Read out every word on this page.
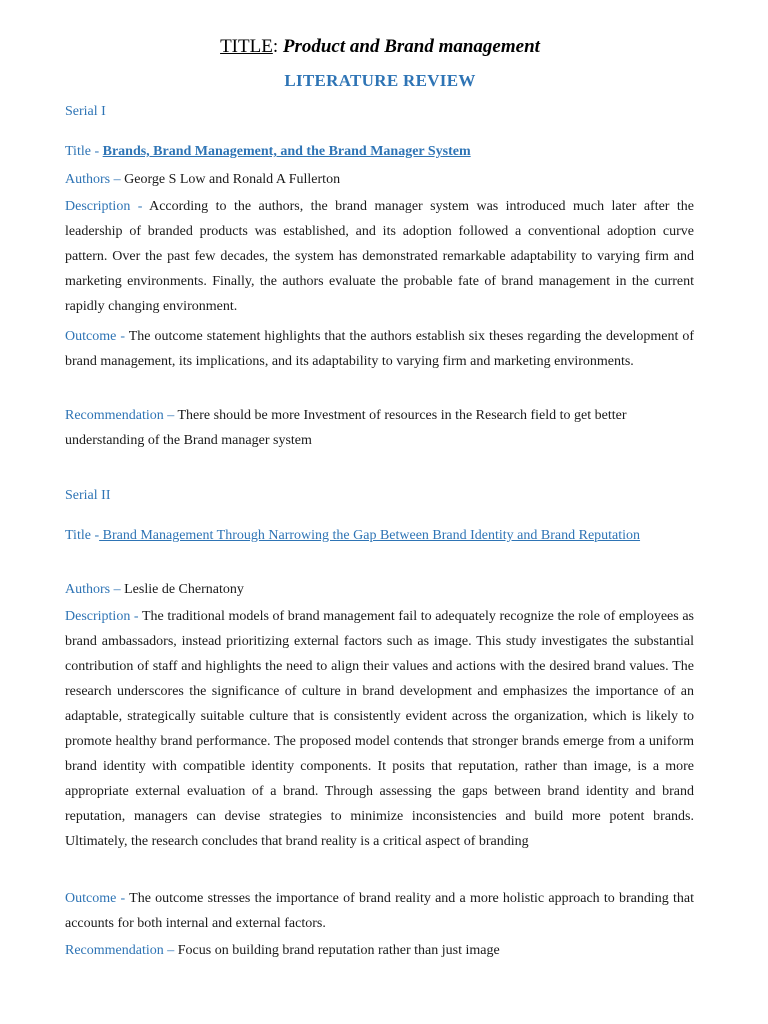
TITLE: Product and Brand management
LITERATURE REVIEW
Serial I
Title - Brands, Brand Management, and the Brand Manager System
Authors – George S Low and Ronald A Fullerton
Description - According to the authors, the brand manager system was introduced much later after the leadership of branded products was established, and its adoption followed a conventional adoption curve pattern. Over the past few decades, the system has demonstrated remarkable adaptability to varying firm and marketing environments. Finally, the authors evaluate the probable fate of brand management in the current rapidly changing environment.
Outcome - The outcome statement highlights that the authors establish six theses regarding the development of brand management, its implications, and its adaptability to varying firm and marketing environments.
Recommendation – There should be more Investment of resources in the Research field to get better understanding of the Brand manager system
Serial II
Title - Brand Management Through Narrowing the Gap Between Brand Identity and Brand Reputation
Authors – Leslie de Chernatony
Description - The traditional models of brand management fail to adequately recognize the role of employees as brand ambassadors, instead prioritizing external factors such as image. This study investigates the substantial contribution of staff and highlights the need to align their values and actions with the desired brand values. The research underscores the significance of culture in brand development and emphasizes the importance of an adaptable, strategically suitable culture that is consistently evident across the organization, which is likely to promote healthy brand performance. The proposed model contends that stronger brands emerge from a uniform brand identity with compatible identity components. It posits that reputation, rather than image, is a more appropriate external evaluation of a brand. Through assessing the gaps between brand identity and brand reputation, managers can devise strategies to minimize inconsistencies and build more potent brands. Ultimately, the research concludes that brand reality is a critical aspect of branding
Outcome - The outcome stresses the importance of brand reality and a more holistic approach to branding that accounts for both internal and external factors.
Recommendation – Focus on building brand reputation rather than just image
